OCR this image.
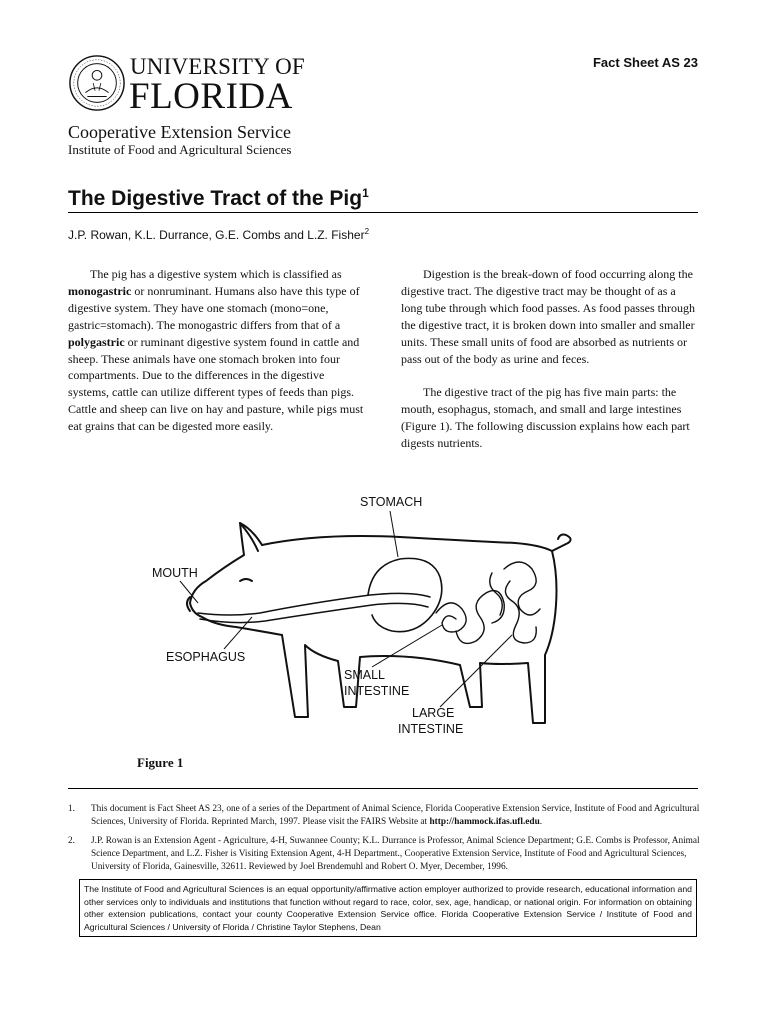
UNIVERSITY OF
FLORIDA
Cooperative Extension Service
Institute of Food and Agricultural Sciences
Fact Sheet AS 23
The Digestive Tract of the Pig$^1$
J.P. Rowan, K.L. Durrance, G.E. Combs and L.Z. Fisher$^2$

The pig has a digestive system which is classified as monogastric or nonruminant. Humans also have this type of digestive system. They have one stomach (mono=one, gastric=stomach). The monogastric differs from that of a polygastric or ruminant digestive system found in cattle and sheep. These animals have one stomach broken into four compartments. Due to the differences in the digestive systems, cattle can utilize different types of feeds than pigs. Cattle and sheep can live on hay and pasture, while pigs must eat grains that can be digested more easily.

Digestion is the break-down of food occurring along the digestive tract. The digestive tract may be thought of as a long tube through which food passes. As food passes through the digestive tract, it is broken down into smaller and smaller units. These small units of food are absorbed as nutrients or pass out of the body as urine and feces.

The digestive tract of the pig has five main parts: the mouth, esophagus, stomach, and small and large intestines (Figure 1). The following discussion explains how each part digests nutrients.

STOMACH
MOUTH
ESOPHAGUS
SMALL
INTESTINE
LARGE
INTESTINE
Figure 1
1. This document is Fact Sheet AS 23, one of a series of the Department of Animal Science, Florida Cooperative Extension Service, Institute of Food and Agricultural Sciences, University of Florida. Reprinted March, 1997. Please visit the FAIRS Website at http://hammock.ifas.ufl.edu.
2. J.P. Rowan is an Extension Agent - Agriculture, 4-H, Suwannee County; K.L. Durrance is Professor, Animal Science Department; G.E. Combs is Professor, Animal Science Department, and L.Z. Fisher is Visiting Extension Agent, 4-H Department., Cooperative Extension Service, Institute of Food and Agricultural Sciences, University of Florida, Gainesville, 32611. Reviewed by Joel Brendemuhl and Robert O. Myer, December, 1996.
The Institute of Food and Agricultural Sciences is an equal opportunity/affirmative action employer authorized to provide research, educational information and other services only to individuals and institutions that function without regard to race, color, sex, age, handicap, or national origin. For information on obtaining other extension publications, contact your county Cooperative Extension Service office. Florida Cooperative Extension Service / Institute of Food and Agricultural Sciences / University of Florida / Christine Taylor Stephens, Dean
